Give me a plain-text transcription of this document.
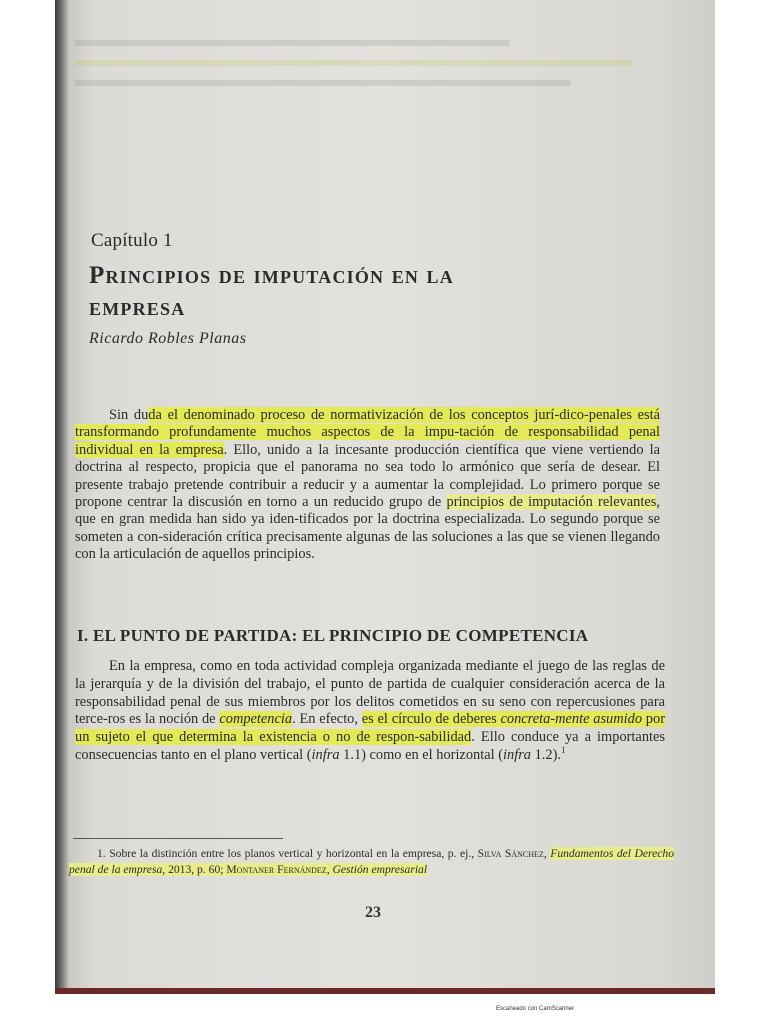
Capítulo 1
Principios de imputación en la
empresa
Ricardo Robles Planas

Sin duda el denominado proceso de normativización de los conceptos jurí-dico-penales está transformando profundamente muchos aspectos de la impu-tación de responsabilidad penal individual en la empresa. Ello, unido a la incesante producción científica que viene vertiendo la doctrina al respecto, propicia que el panorama no sea todo lo armónico que sería de desear. El presente trabajo pretende contribuir a reducir y a aumentar la complejidad. Lo primero porque se propone centrar la discusión en torno a un reducido grupo de principios de imputación relevantes, que en gran medida han sido ya iden-tificados por la doctrina especializada. Lo segundo porque se someten a con-sideración crítica precisamente algunas de las soluciones a las que se vienen llegando con la articulación de aquellos principios.

I. EL PUNTO DE PARTIDA: EL PRINCIPIO DE COMPETENCIA

En la empresa, como en toda actividad compleja organizada mediante el juego de las reglas de la jerarquía y de la división del trabajo, el punto de partida de cualquier consideración acerca de la responsabilidad penal de sus miembros por los delitos cometidos en su seno con repercusiones para terce-ros es la noción de competencia. En efecto, es el círculo de deberes concreta-mente asumido por un sujeto el que determina la existencia o no de respon-sabilidad. Ello conduce ya a importantes consecuencias tanto en el plano vertical (infra 1.1) como en el horizontal (infra 1.2).$^1$

1. Sobre la distinción entre los planos vertical y horizontal en la empresa, p. ej., Silva Sánchez, Fundamentos del Derecho penal de la empresa, 2013, p. 60; Montaner Fernández, Gestión empresarial

23
Escaneado con CamScanner
